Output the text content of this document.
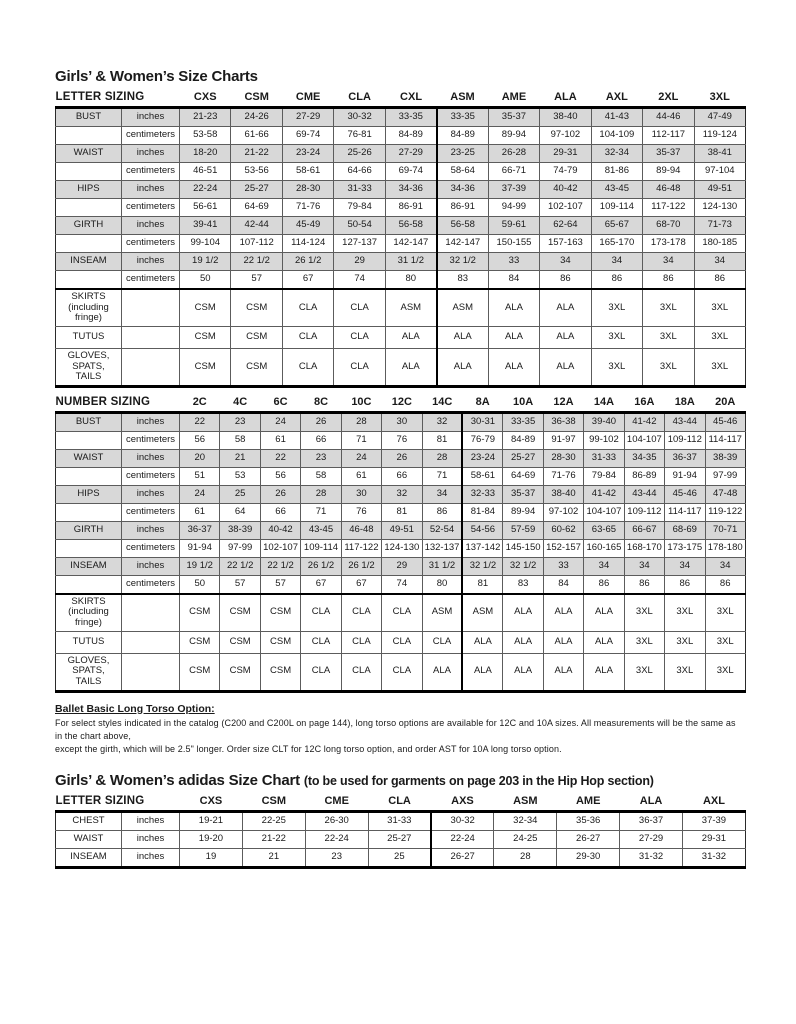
Girls’ & Women’s Size Charts
LETTER SIZING		CXS	CSM	CME	CLA	CXL	ASM	AME	ALA	AXL	2XL	3XL
BUST	inches	21-23	24-26	27-29	30-32	33-35	33-35	35-37	38-40	41-43	44-46	47-49
	centimeters	53-58	61-66	69-74	76-81	84-89	84-89	89-94	97-102	104-109	112-117	119-124
WAIST	inches	18-20	21-22	23-24	25-26	27-29	23-25	26-28	29-31	32-34	35-37	38-41
	centimeters	46-51	53-56	58-61	64-66	69-74	58-64	66-71	74-79	81-86	89-94	97-104
HIPS	inches	22-24	25-27	28-30	31-33	34-36	34-36	37-39	40-42	43-45	46-48	49-51
	centimeters	56-61	64-69	71-76	79-84	86-91	86-91	94-99	102-107	109-114	117-122	124-130
GIRTH	inches	39-41	42-44	45-49	50-54	56-58	56-58	59-61	62-64	65-67	68-70	71-73
	centimeters	99-104	107-112	114-124	127-137	142-147	142-147	150-155	157-163	165-170	173-178	180-185
INSEAM	inches	19 1/2	22 1/2	26 1/2	29	31 1/2	32 1/2	33	34	34	34	34
	centimeters	50	57	67	74	80	83	84	86	86	86	86

SKIRTS
(including fringe)		CSM	CSM	CLA	CLA	ASM	ASM	ALA	ALA	3XL	3XL	3XL

TUTUS		CSM	CSM	CLA	CLA	ALA	ALA	ALA	ALA	3XL	3XL	3XL

GLOVES, SPATS,
TAILS		CSM	CSM	CLA	CLA	ALA	ALA	ALA	ALA	3XL	3XL	3XL
NUMBER SIZING		2C	4C	6C	8C	10C	12C	14C	8A	10A	12A	14A	16A	18A	20A
BUST	inches	22	23	24	26	28	30	32	30-31	33-35	36-38	39-40	41-42	43-44	45-46
	centimeters	56	58	61	66	71	76	81	76-79	84-89	91-97	99-102	104-107	109-112	114-117
WAIST	inches	20	21	22	23	24	26	28	23-24	25-27	28-30	31-33	34-35	36-37	38-39
	centimeters	51	53	56	58	61	66	71	58-61	64-69	71-76	79-84	86-89	91-94	97-99
HIPS	inches	24	25	26	28	30	32	34	32-33	35-37	38-40	41-42	43-44	45-46	47-48
	centimeters	61	64	66	71	76	81	86	81-84	89-94	97-102	104-107	109-112	114-117	119-122
GIRTH	inches	36-37	38-39	40-42	43-45	46-48	49-51	52-54	54-56	57-59	60-62	63-65	66-67	68-69	70-71
	centimeters	91-94	97-99	102-107	109-114	117-122	124-130	132-137	137-142	145-150	152-157	160-165	168-170	173-175	178-180
INSEAM	inches	19 1/2	22 1/2	22 1/2	26 1/2	26 1/2	29	31 1/2	32 1/2	32 1/2	33	34	34	34	34
	centimeters	50	57	57	67	67	74	80	81	83	84	86	86	86	86

SKIRTS
(including fringe)		CSM	CSM	CSM	CLA	CLA	CLA	ASM	ASM	ALA	ALA	ALA	3XL	3XL	3XL

TUTUS		CSM	CSM	CSM	CLA	CLA	CLA	CLA	ALA	ALA	ALA	ALA	3XL	3XL	3XL

GLOVES, SPATS,
TAILS		CSM	CSM	CSM	CLA	CLA	CLA	ALA	ALA	ALA	ALA	ALA	3XL	3XL	3XL
Ballet Basic Long Torso Option:
For select styles indicated in the catalog (C200 and C200L on page 144), long torso options are available for 12C and 10A sizes. All measurements will be the same as in the chart above,
except the girth, which will be 2.5" longer. Order size CLT for 12C long torso option, and order AST for 10A long torso option.
Girls’ & Women’s adidas Size Chart (to be used for garments on page 203 in the Hip Hop section)
LETTER SIZING		CXS	CSM	CME	CLA	AXS	ASM	AME	ALA	AXL
CHEST	inches	19-21	22-25	26-30	31-33	30-32	32-34	35-36	36-37	37-39
WAIST	inches	19-20	21-22	22-24	25-27	22-24	24-25	26-27	27-29	29-31
INSEAM	inches	19	21	23	25	26-27	28	29-30	31-32	31-32
